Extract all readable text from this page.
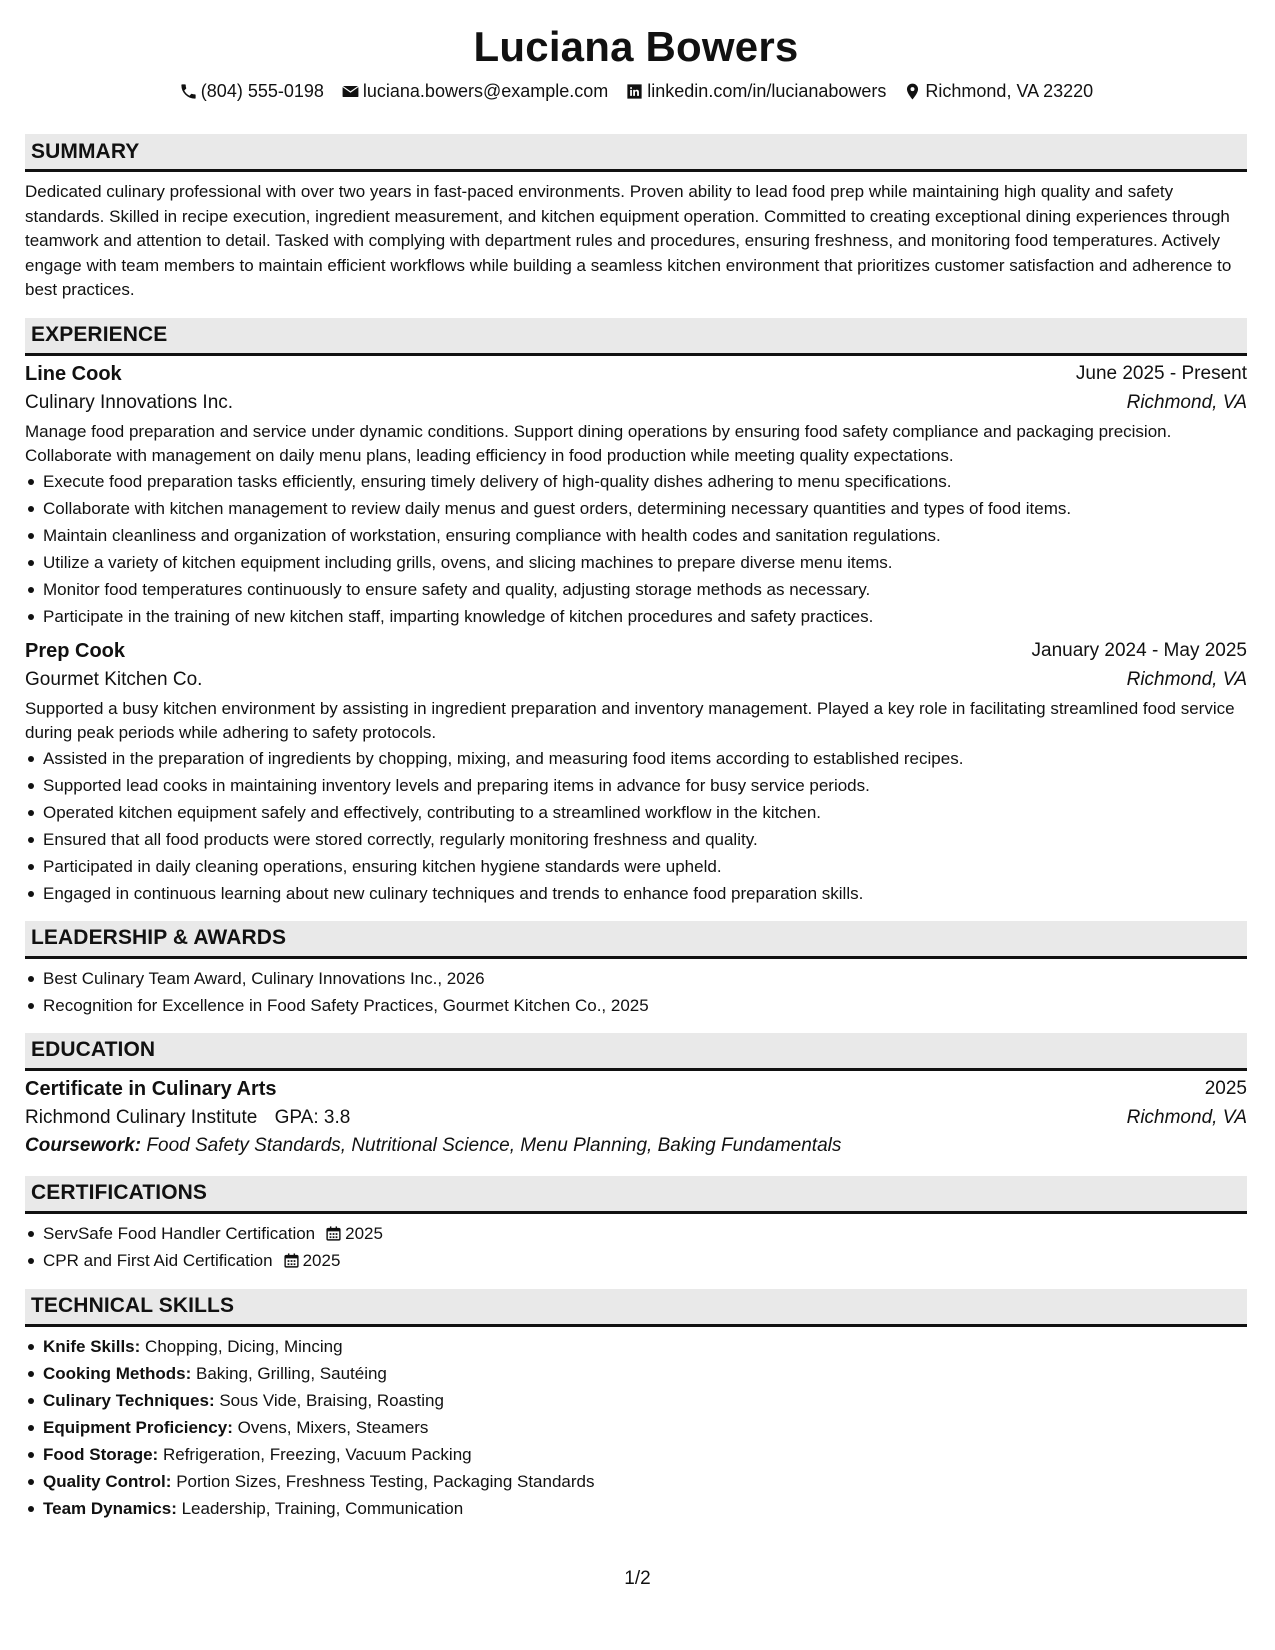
Luciana Bowers
(804) 555-0198 luciana.bowers@example.com linkedin.com/in/lucianabowers Richmond, VA 23220
SUMMARY

Dedicated culinary professional with over two years in fast-paced environments. Proven ability to lead food prep while maintaining high quality and safety standards. Skilled in recipe execution, ingredient measurement, and kitchen equipment operation. Committed to creating exceptional dining experiences through teamwork and attention to detail. Tasked with complying with department rules and procedures, ensuring freshness, and monitoring food temperatures. Actively engage with team members to maintain efficient workflows while building a seamless kitchen environment that prioritizes customer satisfaction and adherence to best practices.

EXPERIENCE
Line Cook	June 2025 - Present
Culinary Innovations Inc.	Richmond, VA

Manage food preparation and service under dynamic conditions. Support dining operations by ensuring food safety compliance and packaging precision. Collaborate with management on daily menu plans, leading efficiency in food production while meeting quality expectations.

Execute food preparation tasks efficiently, ensuring timely delivery of high-quality dishes adhering to menu specifications.
Collaborate with kitchen management to review daily menus and guest orders, determining necessary quantities and types of food items.
Maintain cleanliness and organization of workstation, ensuring compliance with health codes and sanitation regulations.
Utilize a variety of kitchen equipment including grills, ovens, and slicing machines to prepare diverse menu items.
Monitor food temperatures continuously to ensure safety and quality, adjusting storage methods as necessary.
Participate in the training of new kitchen staff, imparting knowledge of kitchen procedures and safety practices.
Prep Cook	January 2024 - May 2025
Gourmet Kitchen Co.	Richmond, VA

Supported a busy kitchen environment by assisting in ingredient preparation and inventory management. Played a key role in facilitating streamlined food service during peak periods while adhering to safety protocols.

Assisted in the preparation of ingredients by chopping, mixing, and measuring food items according to established recipes.
Supported lead cooks in maintaining inventory levels and preparing items in advance for busy service periods.
Operated kitchen equipment safely and effectively, contributing to a streamlined workflow in the kitchen.
Ensured that all food products were stored correctly, regularly monitoring freshness and quality.
Participated in daily cleaning operations, ensuring kitchen hygiene standards were upheld.
Engaged in continuous learning about new culinary techniques and trends to enhance food preparation skills.
LEADERSHIP & AWARDS
Best Culinary Team Award, Culinary Innovations Inc., 2026
Recognition for Excellence in Food Safety Practices, Gourmet Kitchen Co., 2025
EDUCATION
Certificate in Culinary Arts	2025
Richmond Culinary Institute GPA: 3.8	Richmond, VA
Coursework: Food Safety Standards, Nutritional Science, Menu Planning, Baking Fundamentals
CERTIFICATIONS
ServSafe Food Handler Certification 2025
CPR and First Aid Certification 2025
TECHNICAL SKILLS
Knife Skills: Chopping, Dicing, Mincing
Cooking Methods: Baking, Grilling, Sautéing
Culinary Techniques: Sous Vide, Braising, Roasting
Equipment Proficiency: Ovens, Mixers, Steamers
Food Storage: Refrigeration, Freezing, Vacuum Packing
Quality Control: Portion Sizes, Freshness Testing, Packaging Standards
Team Dynamics: Leadership, Training, Communication
1/2
